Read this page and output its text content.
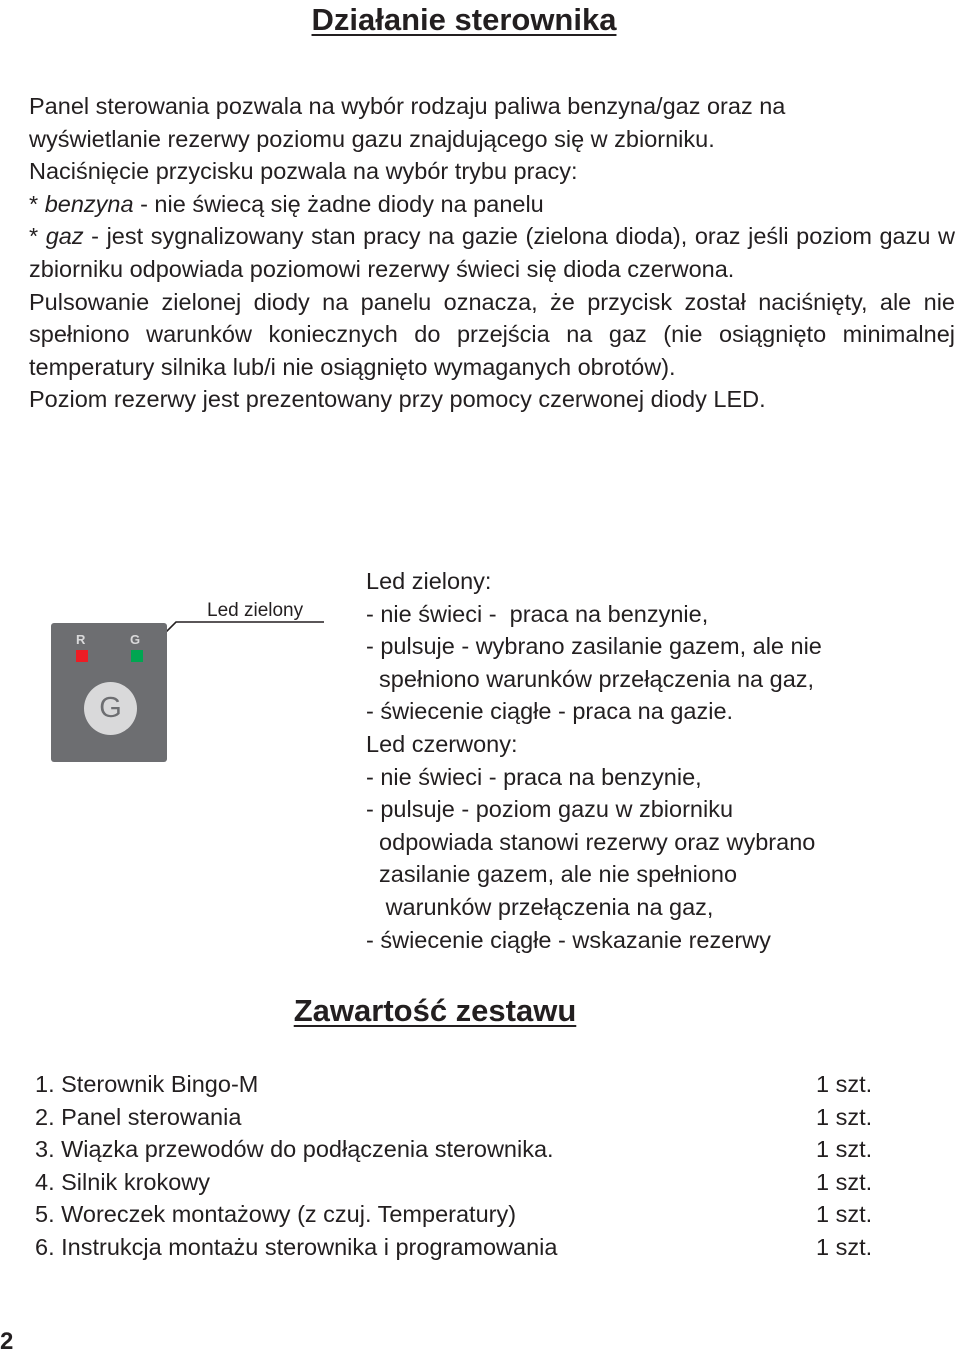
Działanie sterownika

Panel sterowania pozwala na wybór rodzaju paliwa benzyna/gaz oraz na

wyświetlanie rezerwy poziomu gazu znajdującego się w zbiorniku.

Naciśnięcie przycisku pozwala na wybór trybu pracy:

* benzyna - nie świecą się żadne diody na panelu

* gaz - jest sygnalizowany stan pracy na gazie (zielona dioda), oraz jeśli poziom gazu w zbiorniku odpowiada poziomowi rezerwy świeci się dioda czerwona.

Pulsowanie zielonej diody na panelu oznacza, że przycisk został naciśnięty, ale nie spełniono warunków koniecznych do przejścia na gaz (nie osiągnięto minimalnej temperatury silnika lub/i nie osiągnięto wymaganych obrotów).

Poziom rezerwy jest prezentowany przy pomocy czerwonej diody LED.

Led zielony
R	G
G

Led zielony:

- nie świeci -  praca na benzynie,

- pulsuje - wybrano zasilanie gazem, ale nie

spełniono warunków przełączenia na gaz,

- świecenie ciągłe - praca na gazie.

Led czerwony:

- nie świeci - praca na benzynie,

- pulsuje - poziom gazu w zbiorniku

odpowiada stanowi rezerwy oraz wybrano

zasilanie gazem, ale nie spełniono

warunków przełączenia na gaz,

- świecenie ciągłe - wskazanie rezerwy

Zawartość zestawu
1. Sterownik Bingo-M	1 szt.
2. Panel sterowania	1 szt.
3. Wiązka przewodów do podłączenia sterownika.	1 szt.
4. Silnik krokowy	1 szt.
5. Woreczek montażowy (z czuj. Temperatury)	1 szt.
6. Instrukcja montażu sterownika i programowania	1 szt.
2
